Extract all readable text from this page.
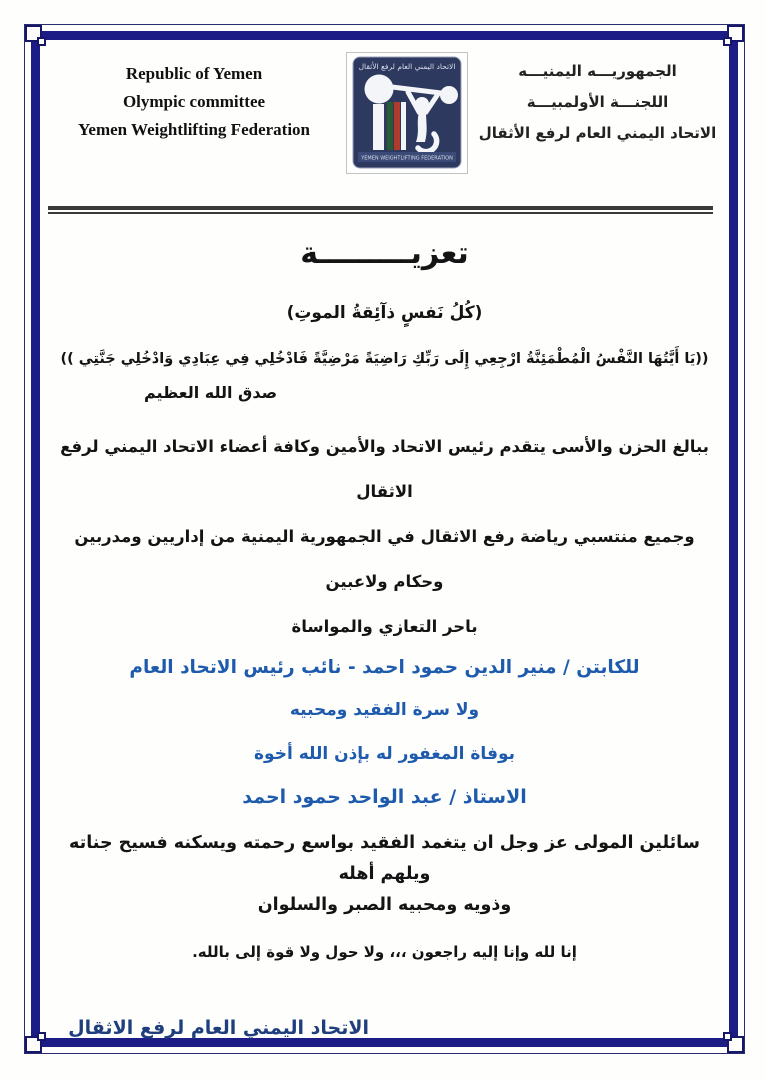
Republic of Yemen
Olympic committee
Yemen Weightlifting Federation
الاتحاد اليمني العام لرفع الأثقال
YEMEN WEIGHTLIFTING FEDERATION
الجمهوريـــه اليمنيـــه
اللجنـــة الأولمبيـــة
الاتحاد اليمني العام لرفع الأثقال
تعزيـــــــــة
(كُلُ نَفسٍ ذآئِقةُ الموتِ)
((يَا أَيَّتُهَا النَّفْسُ الْمُطْمَئِنَّةُ ارْجِعِي إِلَى رَبِّكِ رَاضِيَةً مَرْضِيَّةً فَادْخُلِي فِي عِبَادِي وَادْخُلِي جَنَّتِي ))
صدق الله العظيم
ببالغ الحزن والأسى يتقدم رئيس الاتحاد والأمين وكافة أعضاء الاتحاد اليمني لرفع الاثقال
وجميع منتسبي رياضة رفع الاثقال في الجمهورية اليمنية من إداريين ومدربين وحكام ولاعبين
باحر التعازي والمواساة
للكابتن / منير الدين حمود احمد - نائب رئيس الاتحاد العام
ولا سرة الفقيد ومحبيه
بوفاة المغفور له بإذن الله أخوة
الاستاذ / عبد الواحد حمود احمد
سائلين المولى عز وجل ان يتغمد الفقيد بواسع رحمته ويسكنه فسيح جناته ويلهم أهله
وذويه ومحبيه الصبر والسلوان
إنا لله وإنا إليه راجعون ،،، ولا حول ولا قوة إلى بالله.
الاتحاد اليمني العام لرفع الاثقال
